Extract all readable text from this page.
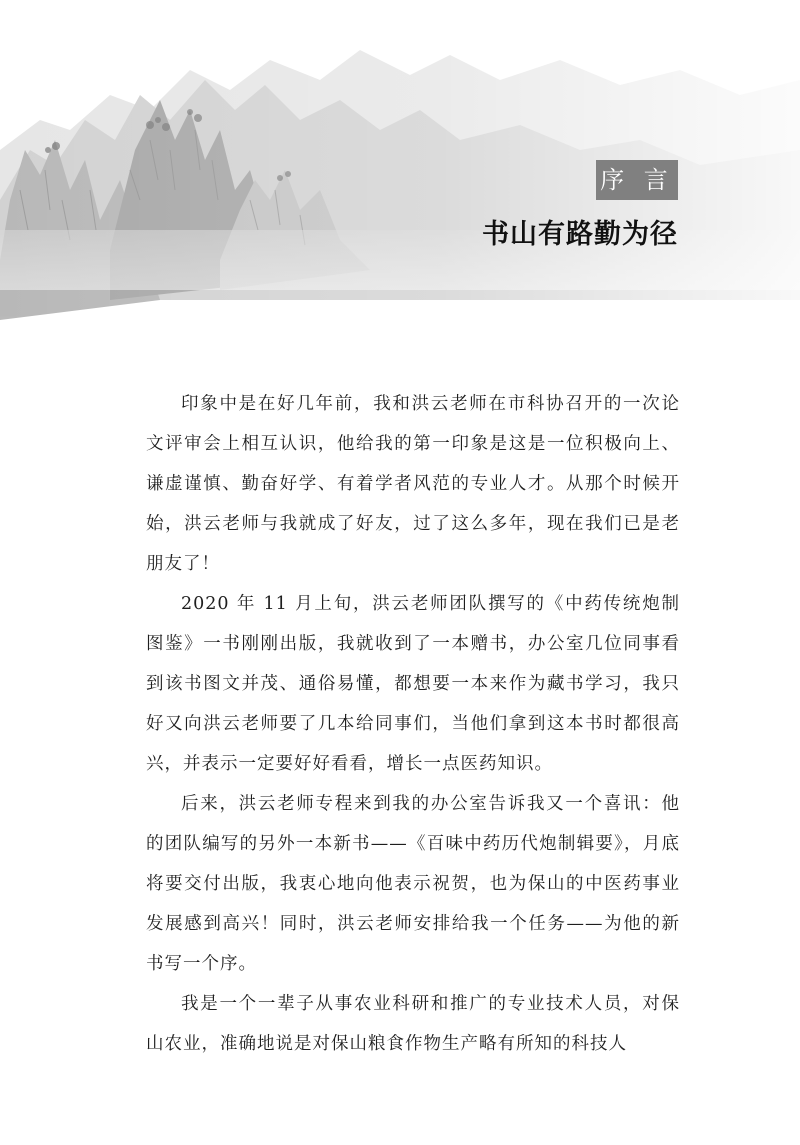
序 言
书山有路勤为径

印象中是在好几年前，我和洪云老师在市科协召开的一次论文评审会上相互认识，他给我的第一印象是这是一位积极向上、谦虚谨慎、勤奋好学、有着学者风范的专业人才。从那个时候开始，洪云老师与我就成了好友，过了这么多年，现在我们已是老朋友了！

2020 年 11 月上旬，洪云老师团队撰写的《中药传统炮制图鉴》一书刚刚出版，我就收到了一本赠书，办公室几位同事看到该书图文并茂、通俗易懂，都想要一本来作为藏书学习，我只好又向洪云老师要了几本给同事们，当他们拿到这本书时都很高兴，并表示一定要好好看看，增长一点医药知识。

后来，洪云老师专程来到我的办公室告诉我又一个喜讯：他的团队编写的另外一本新书——《百味中药历代炮制辑要》，月底将要交付出版，我衷心地向他表示祝贺，也为保山的中医药事业发展感到高兴！同时，洪云老师安排给我一个任务——为他的新书写一个序。

我是一个一辈子从事农业科研和推广的专业技术人员，对保山农业，准确地说是对保山粮食作物生产略有所知的科技人
